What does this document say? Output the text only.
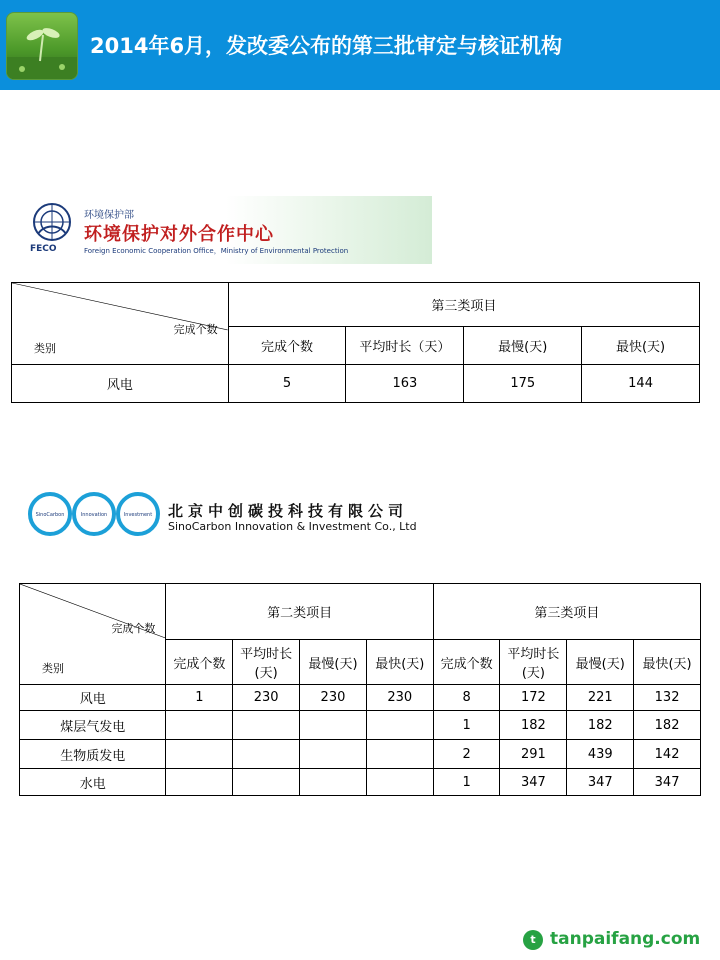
2014年6月，发改委公布的第三批审定与核证机构
FECO
环境保护部
环境保护对外合作中心
Foreign Economic Cooperation Office，Ministry of Environmental Protection
完成个数
类别	第三类项目			
	完成个数	平均时长（天）	最慢(天)	最快(天)
风电	5	163	175	144
SinoCarbon	Innovation	Investment 北京中创碳投科技有限公司
SinoCarbon Innovation & Investment Co., Ltd
完成个数
类别	第二类项目				第三类项目			
	完成个数	平均时长(天)	最慢(天)	最快(天)	完成个数	平均时长(天)	最慢(天)	最快(天)
风电	1	230	230	230	8	172	221	132
煤层气发电					1	182	182	182
生物质发电					2	291	439	142
水电					1	347	347	347
t tanpaifang.com
